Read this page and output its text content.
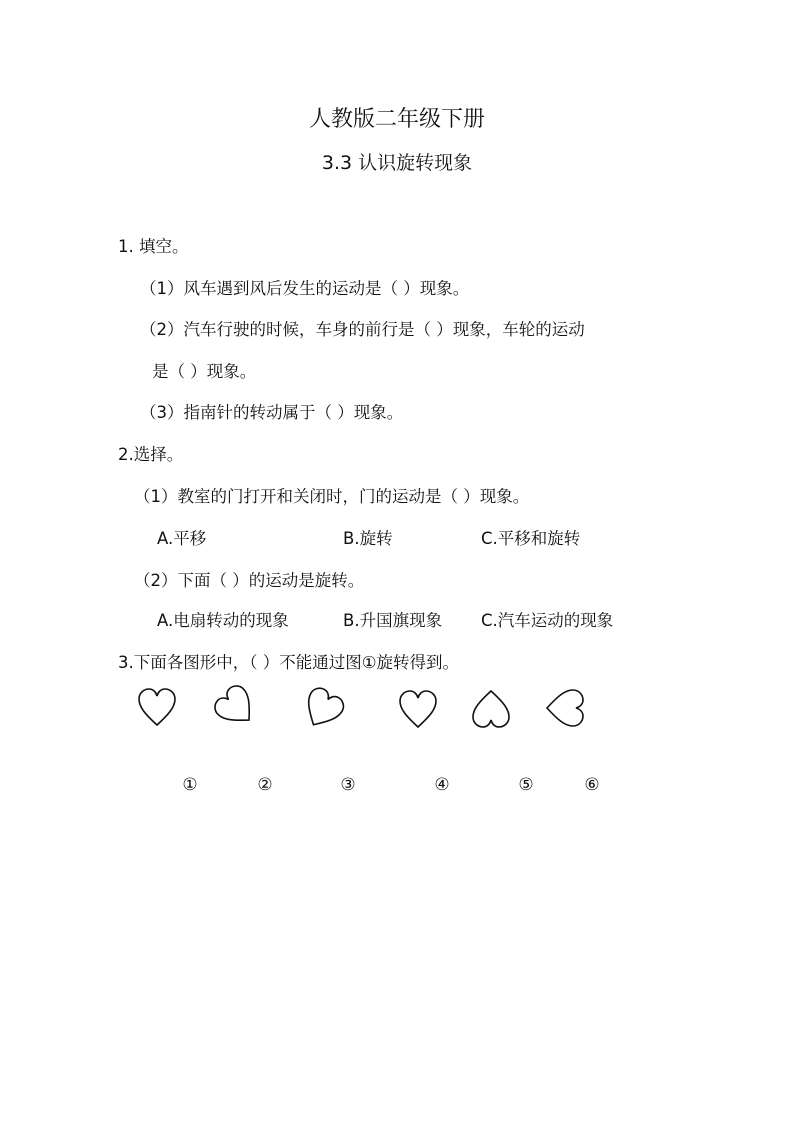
人教版二年级下册
3.3 认识旋转现象
1. 填空。
（1）风车遇到风后发生的运动是（ ）现象。
（2）汽车行驶的时候，车身的前行是（ ）现象，车轮的运动
是（ ）现象。
（3）指南针的转动属于（ ）现象。
2.选择。
（1）教室的门打开和关闭时，门的运动是（ ）现象。
A.平移	B.旋转	C.平移和旋转
（2）下面（ ）的运动是旋转。
A.电扇转动的现象	B.升国旗现象 C.汽车运动的现象
3.下面各图形中，（ ）不能通过图①旋转得到。
①	②	③	④	⑤	⑥
